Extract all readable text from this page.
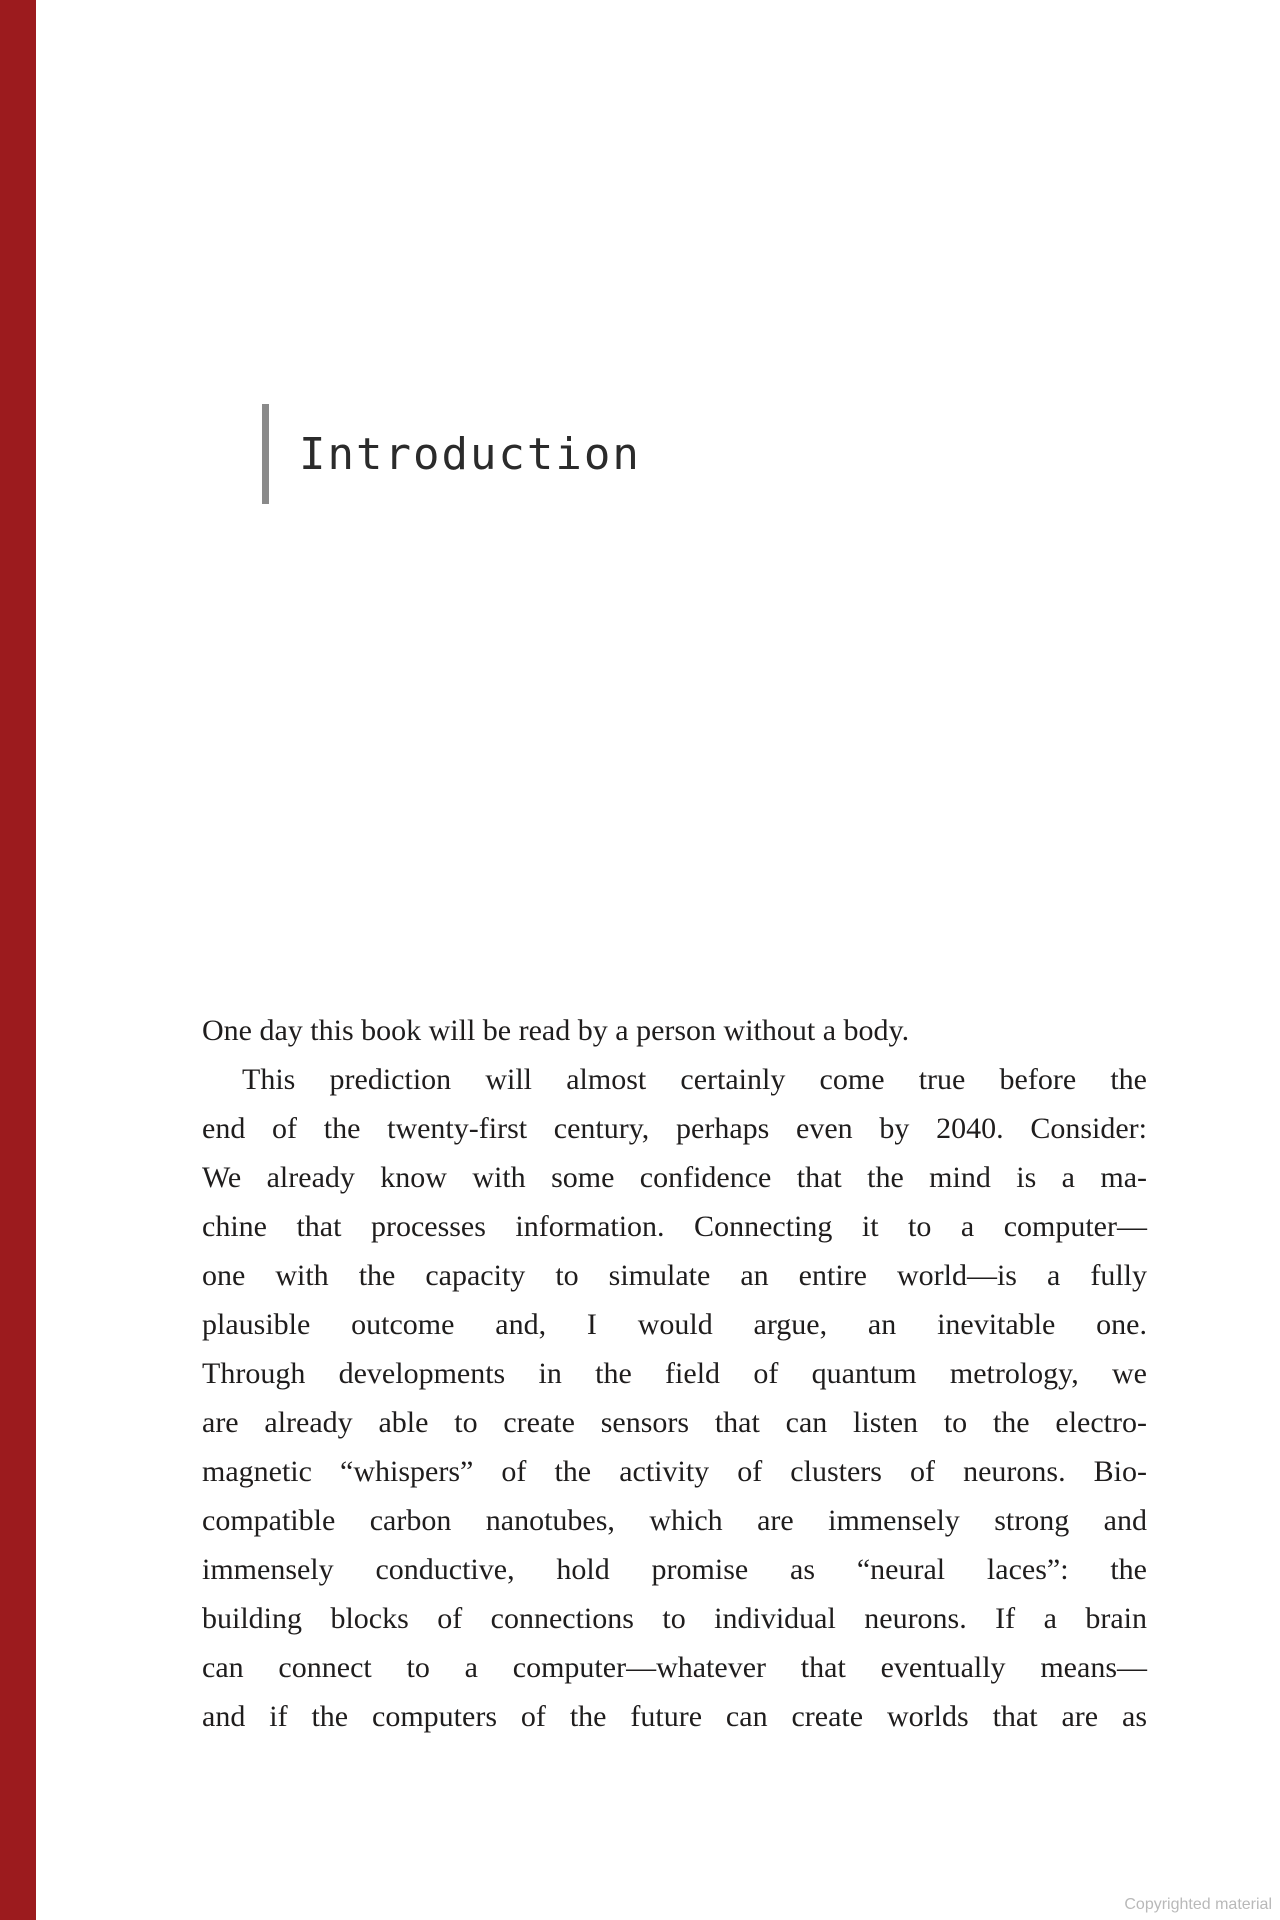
Introduction
One day this book will be read by a person without a body.
This prediction will almost certainly come true before the
end of the twenty-first century, perhaps even by 2040. Consider:
We already know with some confidence that the mind is a ma-
chine that processes information. Connecting it to a computer—
one with the capacity to simulate an entire world—is a fully
plausible outcome and, I would argue, an inevitable one.
Through developments in the field of quantum metrology, we
are already able to create sensors that can listen to the electro-
magnetic “whispers” of the activity of clusters of neurons. Bio-
compatible carbon nanotubes, which are immensely strong and
immensely conductive, hold promise as “neural laces”: the
building blocks of connections to individual neurons. If a brain
can connect to a computer—whatever that eventually means—
and if the computers of the future can create worlds that are as
Copyrighted material
